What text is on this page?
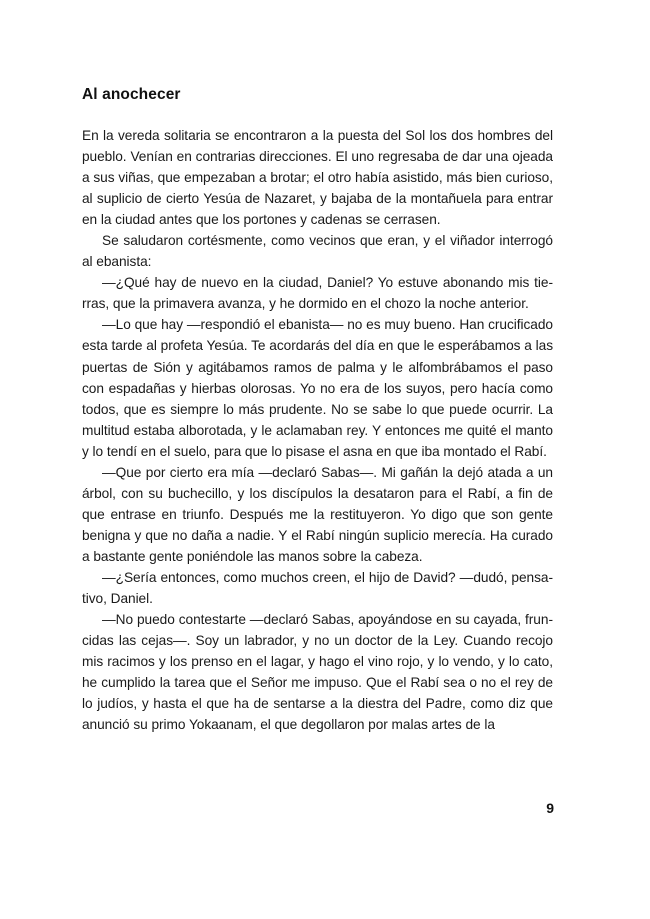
Al anochecer

En la vereda solitaria se encontraron a la puesta del Sol los dos hombres del pueblo. Venían en contrarias direcciones. El uno regresaba de dar una ojeada a sus viñas, que empezaban a brotar; el otro había asistido, más bien curioso, al suplicio de cierto Yesúa de Nazaret, y bajaba de la montañuela para entrar en la ciudad antes que los portones y cadenas se cerrasen.

Se saludaron cortésmente, como vecinos que eran, y el viñador interrogó al ebanista:

—¿Qué hay de nuevo en la ciudad, Daniel? Yo estuve abonando mis tierras, que la primavera avanza, y he dormido en el chozo la noche anterior.

—Lo que hay —respondió el ebanista— no es muy bueno. Han crucificado esta tarde al profeta Yesúa. Te acordarás del día en que le esperábamos a las puertas de Sión y agitábamos ramos de palma y le alfombrábamos el paso con espadañas y hierbas olorosas. Yo no era de los suyos, pero hacía como todos, que es siempre lo más prudente. No se sabe lo que puede ocurrir. La multitud estaba alborotada, y le aclamaban rey. Y entonces me quité el manto y lo tendí en el suelo, para que lo pisase el asna en que iba montado el Rabí.

—Que por cierto era mía —declaró Sabas—. Mi gañán la dejó atada a un árbol, con su buchecillo, y los discípulos la desataron para el Rabí, a fin de que entrase en triunfo. Después me la restituyeron. Yo digo que son gente benigna y que no daña a nadie. Y el Rabí ningún suplicio merecía. Ha curado a bastante gente poniéndole las manos sobre la cabeza.

—¿Sería entonces, como muchos creen, el hijo de David? —dudó, pensativo, Daniel.

—No puedo contestarte —declaró Sabas, apoyándose en su cayada, fruncidas las cejas—. Soy un labrador, y no un doctor de la Ley. Cuando recojo mis racimos y los prenso en el lagar, y hago el vino rojo, y lo vendo, y lo cato, he cumplido la tarea que el Señor me impuso. Que el Rabí sea o no el rey de lo judíos, y hasta el que ha de sentarse a la diestra del Padre, como diz que anunció su primo Yokaanam, el que degollaron por malas artes de la

9
